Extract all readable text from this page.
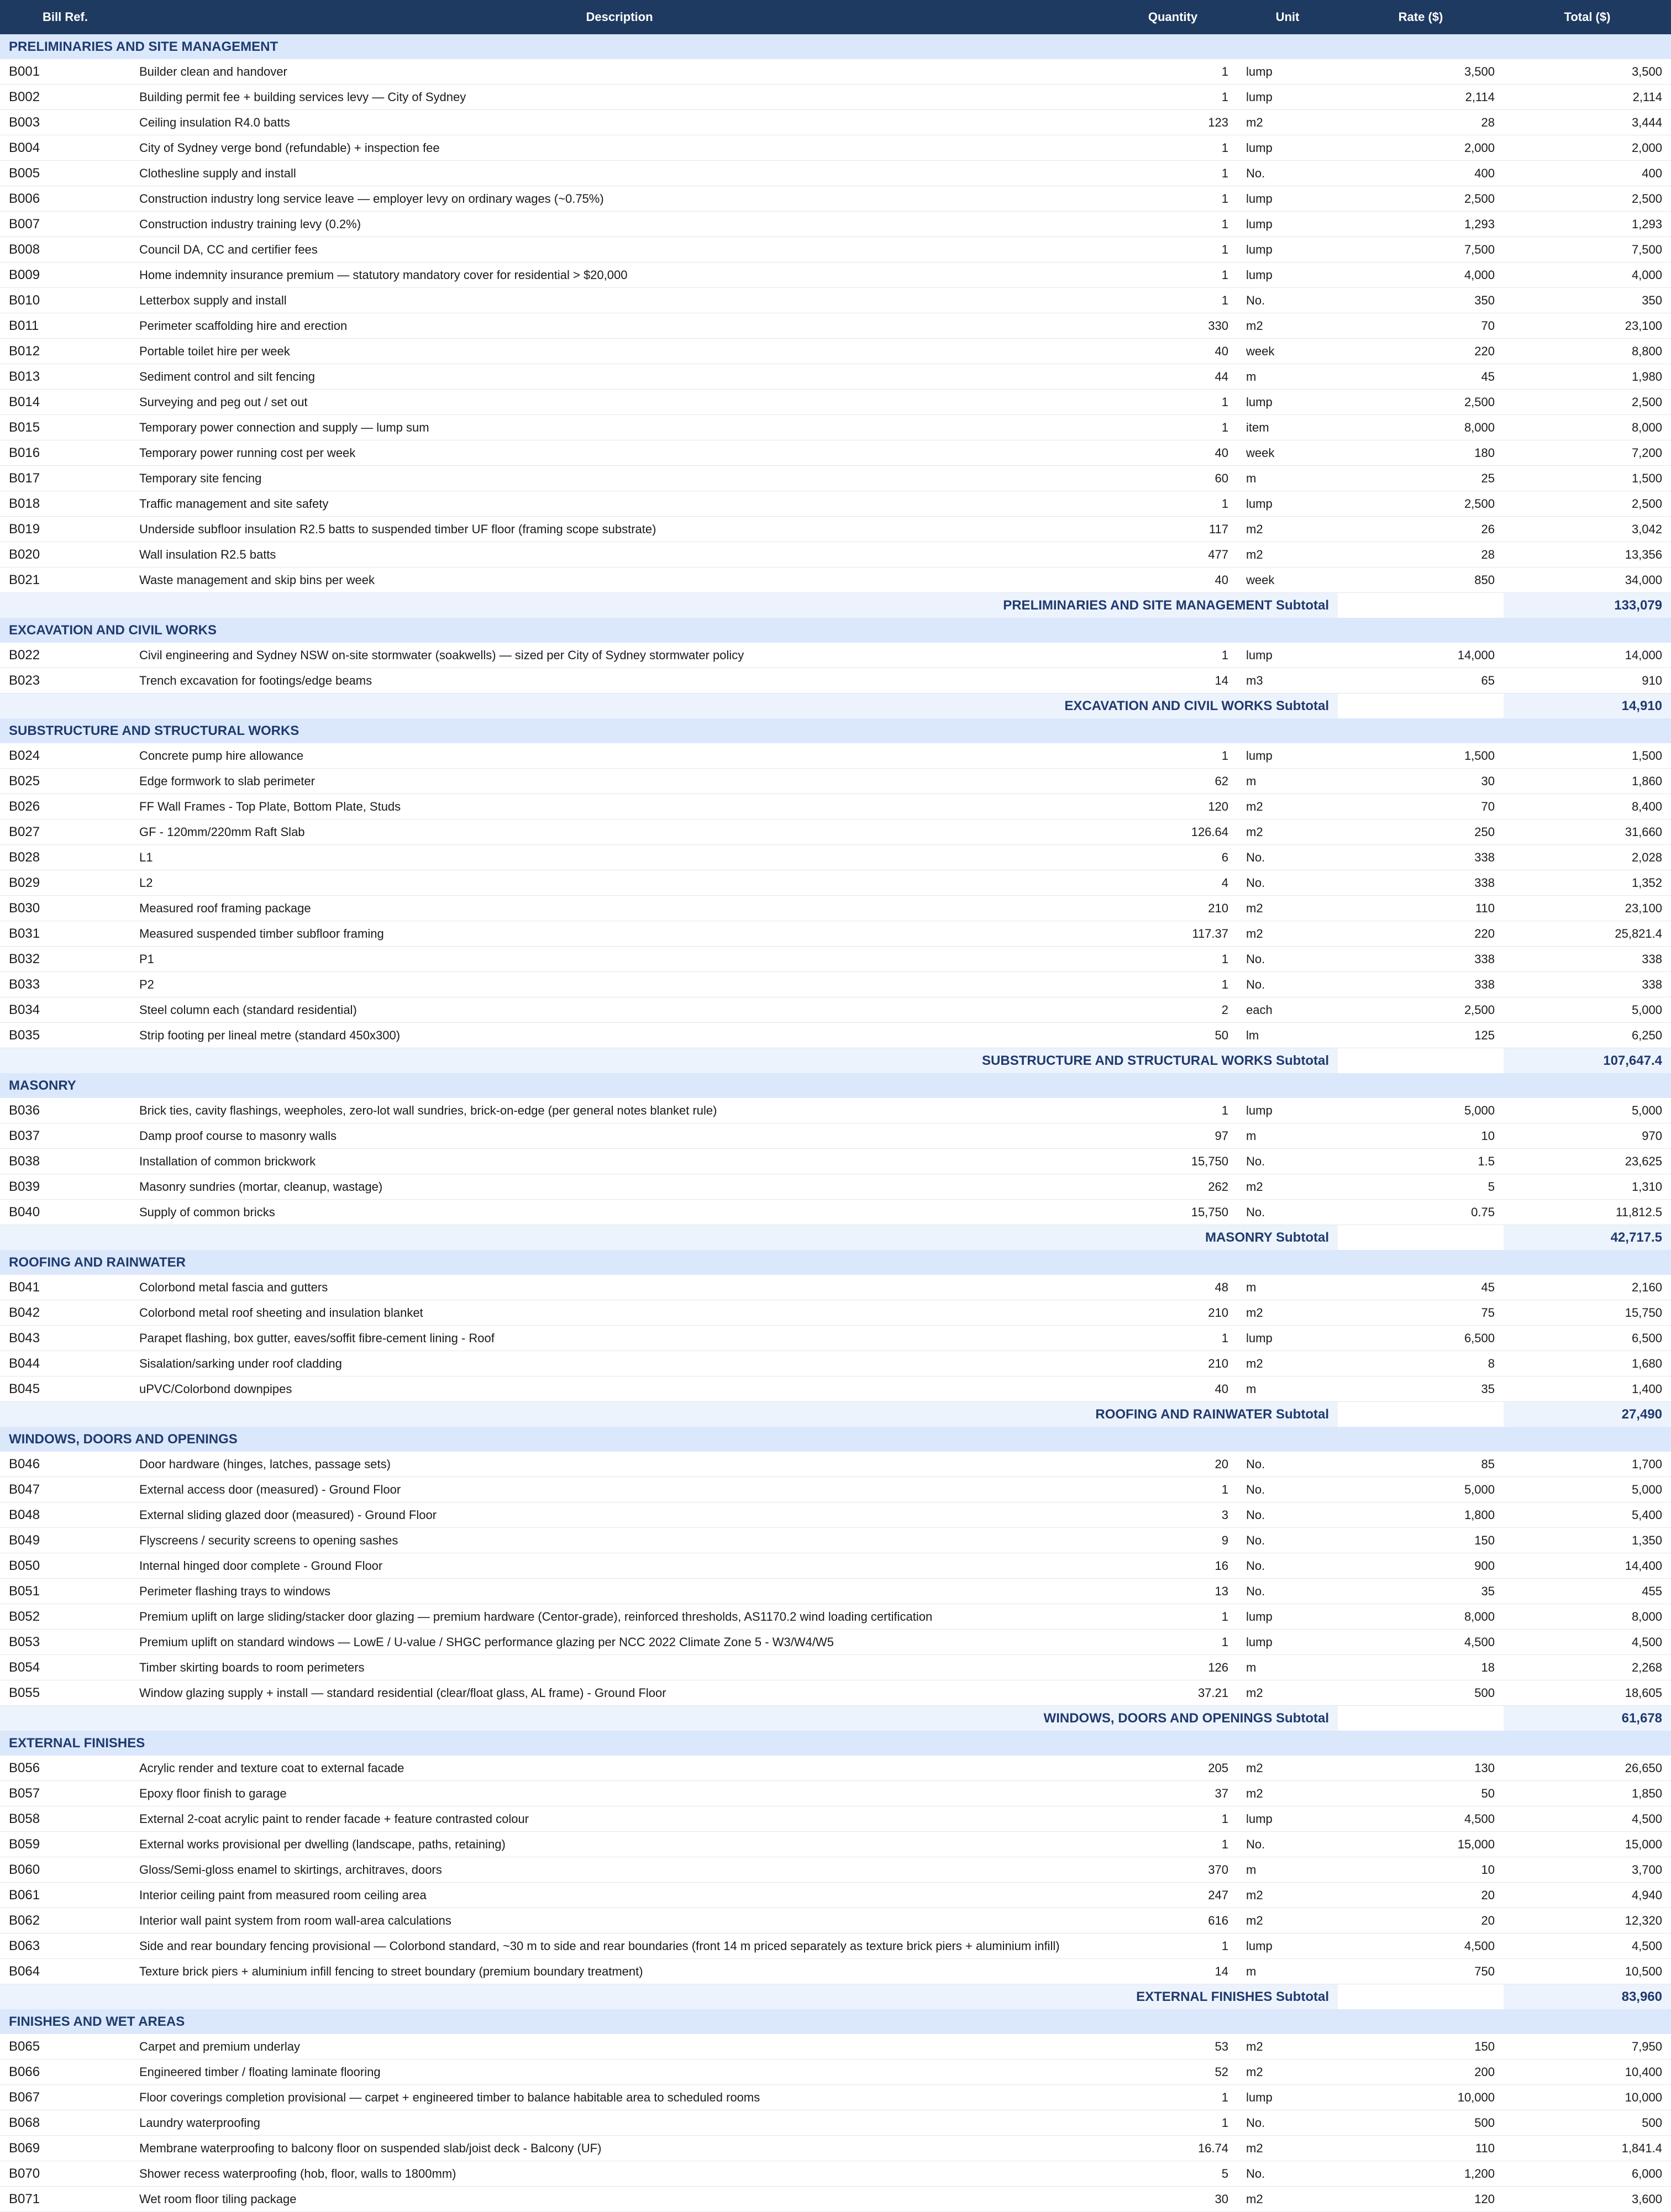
Bill Ref.	Description	Quantity	Unit	Rate ($)	Total ($)
PRELIMINARIES AND SITE MANAGEMENT					
B001	Builder clean and handover	1	lump	3,500	3,500
B002	Building permit fee + building services levy — City of Sydney	1	lump	2,114	2,114
B003	Ceiling insulation R4.0 batts	123	m2	28	3,444
B004	City of Sydney verge bond (refundable) + inspection fee	1	lump	2,000	2,000
B005	Clothesline supply and install	1	No.	400	400
B006	Construction industry long service leave — employer levy on ordinary wages (~0.75%)	1	lump	2,500	2,500
B007	Construction industry training levy (0.2%)	1	lump	1,293	1,293
B008	Council DA, CC and certifier fees	1	lump	7,500	7,500
B009	Home indemnity insurance premium — statutory mandatory cover for residential > $20,000	1	lump	4,000	4,000
B010	Letterbox supply and install	1	No.	350	350
B011	Perimeter scaffolding hire and erection	330	m2	70	23,100
B012	Portable toilet hire per week	40	week	220	8,800
B013	Sediment control and silt fencing	44	m	45	1,980
B014	Surveying and peg out / set out	1	lump	2,500	2,500
B015	Temporary power connection and supply — lump sum	1	item	8,000	8,000
B016	Temporary power running cost per week	40	week	180	7,200
B017	Temporary site fencing	60	m	25	1,500
B018	Traffic management and site safety	1	lump	2,500	2,500
B019	Underside subfloor insulation R2.5 batts to suspended timber UF floor (framing scope substrate)	117	m2	26	3,042
B020	Wall insulation R2.5 batts	477	m2	28	13,356
B021	Waste management and skip bins per week	40	week	850	34,000
PRELIMINARIES AND SITE MANAGEMENT Subtotal					133,079
EXCAVATION AND CIVIL WORKS					
B022	Civil engineering and Sydney NSW on-site stormwater (soakwells) — sized per City of Sydney stormwater policy	1	lump	14,000	14,000
B023	Trench excavation for footings/edge beams	14	m3	65	910
EXCAVATION AND CIVIL WORKS Subtotal					14,910
SUBSTRUCTURE AND STRUCTURAL WORKS					
B024	Concrete pump hire allowance	1	lump	1,500	1,500
B025	Edge formwork to slab perimeter	62	m	30	1,860
B026	FF Wall Frames - Top Plate, Bottom Plate, Studs	120	m2	70	8,400
B027	GF - 120mm/220mm Raft Slab	126.64	m2	250	31,660
B028	L1	6	No.	338	2,028
B029	L2	4	No.	338	1,352
B030	Measured roof framing package	210	m2	110	23,100
B031	Measured suspended timber subfloor framing	117.37	m2	220	25,821.4
B032	P1	1	No.	338	338
B033	P2	1	No.	338	338
B034	Steel column each (standard residential)	2	each	2,500	5,000
B035	Strip footing per lineal metre (standard 450x300)	50	lm	125	6,250
SUBSTRUCTURE AND STRUCTURAL WORKS Subtotal					107,647.4
MASONRY					
B036	Brick ties, cavity flashings, weepholes, zero-lot wall sundries, brick-on-edge (per general notes blanket rule)	1	lump	5,000	5,000
B037	Damp proof course to masonry walls	97	m	10	970
B038	Installation of common brickwork	15,750	No.	1.5	23,625
B039	Masonry sundries (mortar, cleanup, wastage)	262	m2	5	1,310
B040	Supply of common bricks	15,750	No.	0.75	11,812.5
MASONRY Subtotal					42,717.5
ROOFING AND RAINWATER					
B041	Colorbond metal fascia and gutters	48	m	45	2,160
B042	Colorbond metal roof sheeting and insulation blanket	210	m2	75	15,750
B043	Parapet flashing, box gutter, eaves/soffit fibre-cement lining - Roof	1	lump	6,500	6,500
B044	Sisalation/sarking under roof cladding	210	m2	8	1,680
B045	uPVC/Colorbond downpipes	40	m	35	1,400
ROOFING AND RAINWATER Subtotal					27,490
WINDOWS, DOORS AND OPENINGS					
B046	Door hardware (hinges, latches, passage sets)	20	No.	85	1,700
B047	External access door (measured) - Ground Floor	1	No.	5,000	5,000
B048	External sliding glazed door (measured) - Ground Floor	3	No.	1,800	5,400
B049	Flyscreens / security screens to opening sashes	9	No.	150	1,350
B050	Internal hinged door complete - Ground Floor	16	No.	900	14,400
B051	Perimeter flashing trays to windows	13	No.	35	455
B052	Premium uplift on large sliding/stacker door glazing — premium hardware (Centor-grade), reinforced thresholds, AS1170.2 wind loading certification	1	lump	8,000	8,000
B053	Premium uplift on standard windows — LowE / U-value / SHGC performance glazing per NCC 2022 Climate Zone 5 - W3/W4/W5	1	lump	4,500	4,500
B054	Timber skirting boards to room perimeters	126	m	18	2,268
B055	Window glazing supply + install — standard residential (clear/float glass, AL frame) - Ground Floor	37.21	m2	500	18,605
WINDOWS, DOORS AND OPENINGS Subtotal					61,678
EXTERNAL FINISHES					
B056	Acrylic render and texture coat to external facade	205	m2	130	26,650
B057	Epoxy floor finish to garage	37	m2	50	1,850
B058	External 2-coat acrylic paint to render facade + feature contrasted colour	1	lump	4,500	4,500
B059	External works provisional per dwelling (landscape, paths, retaining)	1	No.	15,000	15,000
B060	Gloss/Semi-gloss enamel to skirtings, architraves, doors	370	m	10	3,700
B061	Interior ceiling paint from measured room ceiling area	247	m2	20	4,940
B062	Interior wall paint system from room wall-area calculations	616	m2	20	12,320
B063	Side and rear boundary fencing provisional — Colorbond standard, ~30 m to side and rear boundaries (front 14 m priced separately as texture brick piers + aluminium infill)	1	lump	4,500	4,500
B064	Texture brick piers + aluminium infill fencing to street boundary (premium boundary treatment)	14	m	750	10,500
EXTERNAL FINISHES Subtotal					83,960
FINISHES AND WET AREAS					
B065	Carpet and premium underlay	53	m2	150	7,950
B066	Engineered timber / floating laminate flooring	52	m2	200	10,400
B067	Floor coverings completion provisional — carpet + engineered timber to balance habitable area to scheduled rooms	1	lump	10,000	10,000
B068	Laundry waterproofing	1	No.	500	500
B069	Membrane waterproofing to balcony floor on suspended slab/joist deck - Balcony (UF)	16.74	m2	110	1,841.4
B070	Shower recess waterproofing (hob, floor, walls to 1800mm)	5	No.	1,200	6,000
B071	Wet room floor tiling package	30	m2	120	3,600
